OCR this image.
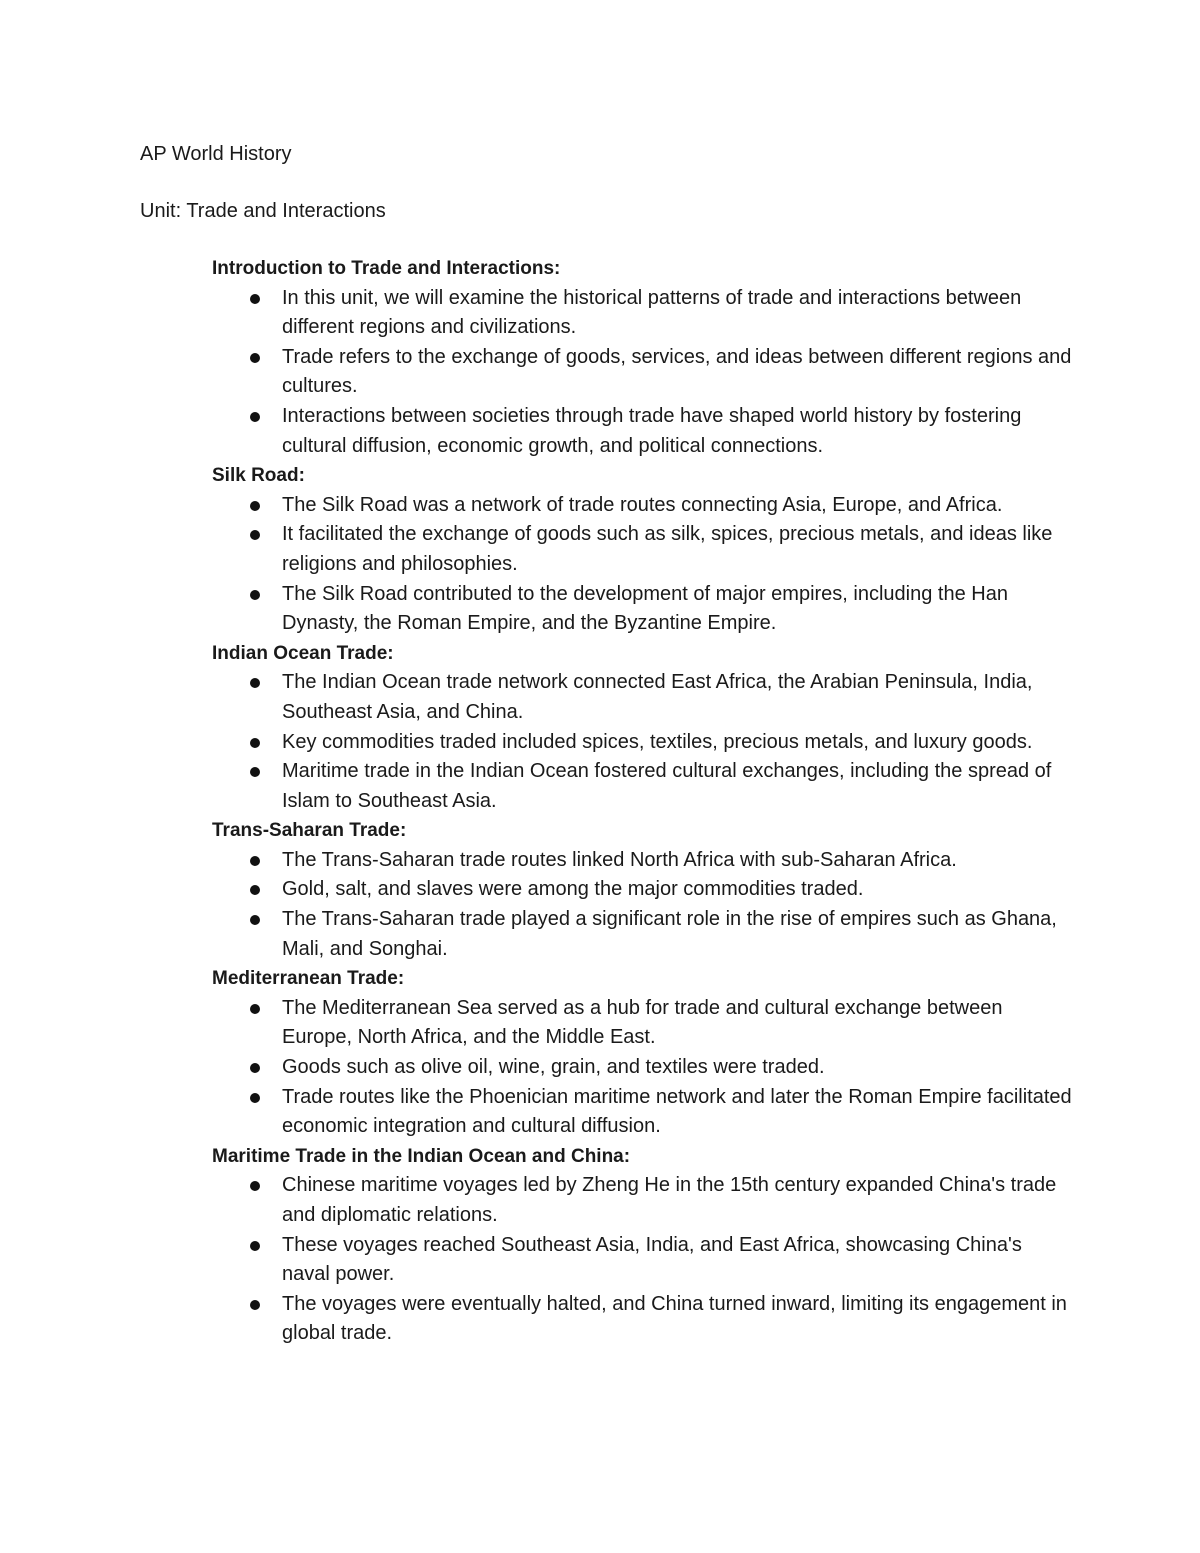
AP World History

Unit: Trade and Interactions

Introduction to Trade and Interactions:

In this unit, we will examine the historical patterns of trade and interactions between different regions and civilizations.
Trade refers to the exchange of goods, services, and ideas between different regions and cultures.
Interactions between societies through trade have shaped world history by fostering cultural diffusion, economic growth, and political connections.

Silk Road:

The Silk Road was a network of trade routes connecting Asia, Europe, and Africa.
It facilitated the exchange of goods such as silk, spices, precious metals, and ideas like religions and philosophies.
The Silk Road contributed to the development of major empires, including the Han Dynasty, the Roman Empire, and the Byzantine Empire.

Indian Ocean Trade:

The Indian Ocean trade network connected East Africa, the Arabian Peninsula, India, Southeast Asia, and China.
Key commodities traded included spices, textiles, precious metals, and luxury goods.
Maritime trade in the Indian Ocean fostered cultural exchanges, including the spread of Islam to Southeast Asia.

Trans-Saharan Trade:

The Trans-Saharan trade routes linked North Africa with sub-Saharan Africa.
Gold, salt, and slaves were among the major commodities traded.
The Trans-Saharan trade played a significant role in the rise of empires such as Ghana, Mali, and Songhai.

Mediterranean Trade:

The Mediterranean Sea served as a hub for trade and cultural exchange between Europe, North Africa, and the Middle East.
Goods such as olive oil, wine, grain, and textiles were traded.
Trade routes like the Phoenician maritime network and later the Roman Empire facilitated economic integration and cultural diffusion.

Maritime Trade in the Indian Ocean and China:

Chinese maritime voyages led by Zheng He in the 15th century expanded China's trade and diplomatic relations.
These voyages reached Southeast Asia, India, and East Africa, showcasing China's naval power.
The voyages were eventually halted, and China turned inward, limiting its engagement in global trade.
